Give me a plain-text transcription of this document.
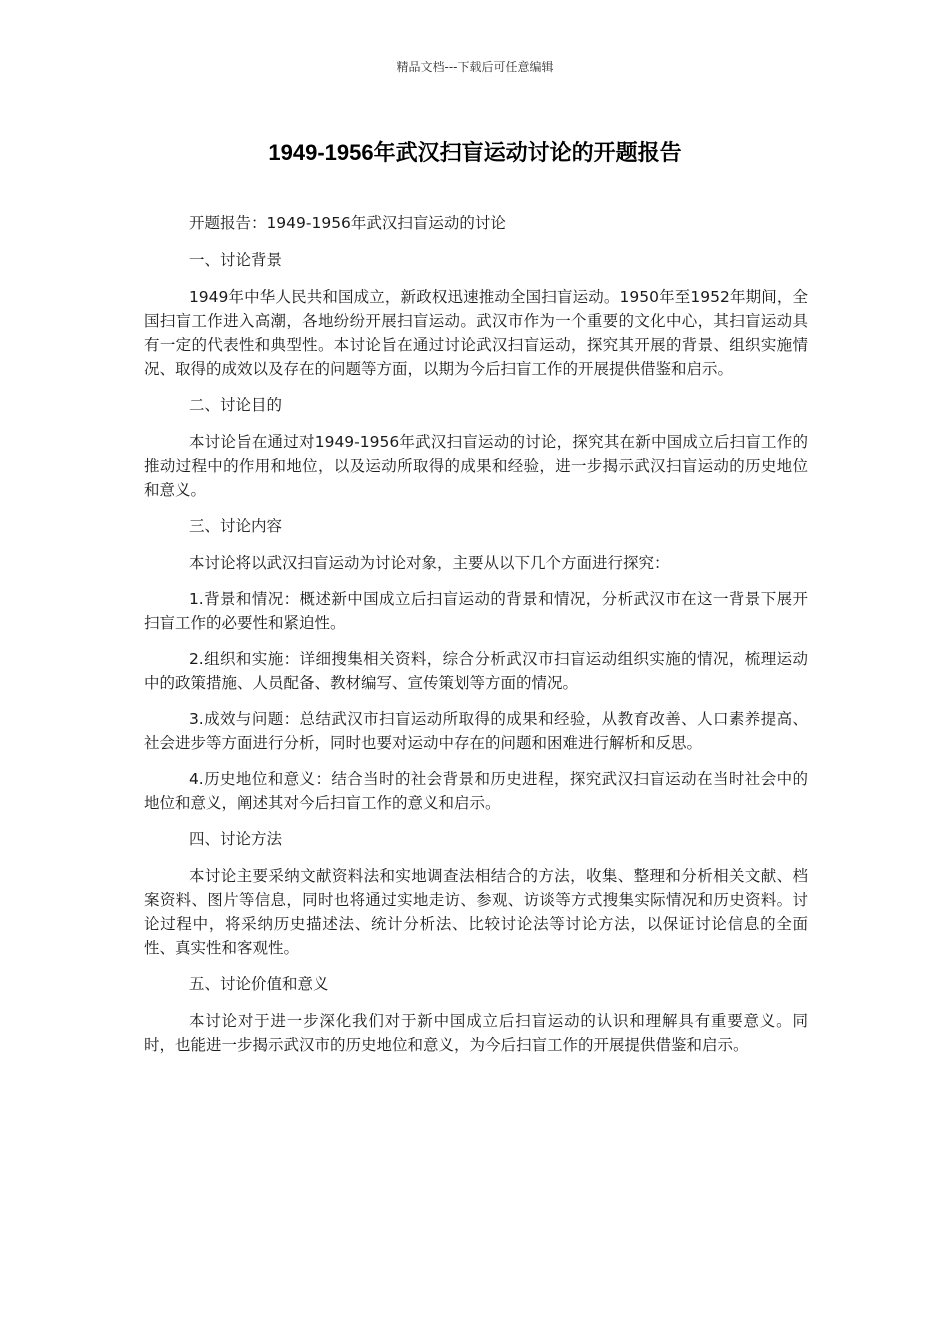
精品文档---下载后可任意编辑
1949-1956年武汉扫盲运动讨论的开题报告

开题报告：1949-1956年武汉扫盲运动的讨论

一、讨论背景

1949年中华人民共和国成立，新政权迅速推动全国扫盲运动。1950年至1952年期间，全国扫盲工作进入高潮，各地纷纷开展扫盲运动。武汉市作为一个重要的文化中心，其扫盲运动具有一定的代表性和典型性。本讨论旨在通过讨论武汉扫盲运动，探究其开展的背景、组织实施情况、取得的成效以及存在的问题等方面，以期为今后扫盲工作的开展提供借鉴和启示。

二、讨论目的

本讨论旨在通过对1949-1956年武汉扫盲运动的讨论，探究其在新中国成立后扫盲工作的推动过程中的作用和地位，以及运动所取得的成果和经验，进一步揭示武汉扫盲运动的历史地位和意义。

三、讨论内容

本讨论将以武汉扫盲运动为讨论对象，主要从以下几个方面进行探究：

1.背景和情况：概述新中国成立后扫盲运动的背景和情况，分析武汉市在这一背景下展开扫盲工作的必要性和紧迫性。

2.组织和实施：详细搜集相关资料，综合分析武汉市扫盲运动组织实施的情况，梳理运动中的政策措施、人员配备、教材编写、宣传策划等方面的情况。

3.成效与问题：总结武汉市扫盲运动所取得的成果和经验，从教育改善、人口素养提高、社会进步等方面进行分析，同时也要对运动中存在的问题和困难进行解析和反思。

4.历史地位和意义：结合当时的社会背景和历史进程，探究武汉扫盲运动在当时社会中的地位和意义，阐述其对今后扫盲工作的意义和启示。

四、讨论方法

本讨论主要采纳文献资料法和实地调查法相结合的方法，收集、整理和分析相关文献、档案资料、图片等信息，同时也将通过实地走访、参观、访谈等方式搜集实际情况和历史资料。讨论过程中，将采纳历史描述法、统计分析法、比较讨论法等讨论方法，以保证讨论信息的全面性、真实性和客观性。

五、讨论价值和意义

本讨论对于进一步深化我们对于新中国成立后扫盲运动的认识和理解具有重要意义。同时，也能进一步揭示武汉市的历史地位和意义，为今后扫盲工作的开展提供借鉴和启示。
